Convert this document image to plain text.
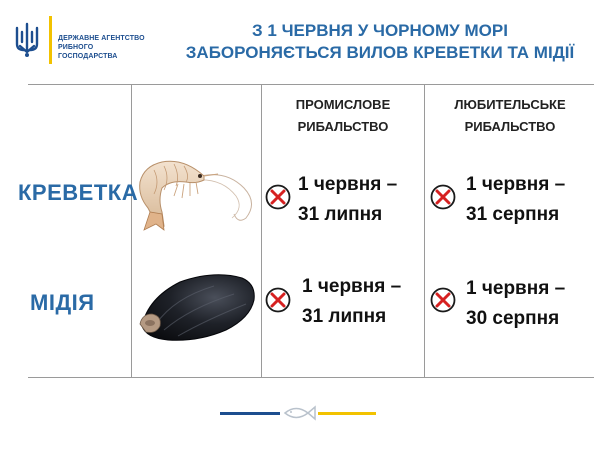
ДЕРЖАВНЕ АГЕНТСТВО
РИБНОГО ГОСПОДАРСТВА
З 1 ЧЕРВНЯ У ЧОРНОМУ МОРІ
ЗАБОРОНЯЄТЬСЯ ВИЛОВ КРЕВЕТКИ ТА МІДІЇ
ПРОМИСЛОВЕ
РИБАЛЬСТВО
ЛЮБИТЕЛЬСЬКЕ
РИБАЛЬСТВО
КРЕВЕТКА
МІДІЯ
1 червня –
31 липня
1 червня –
31 серпня
1 червня –
31 липня
1 червня –
30 серпня
